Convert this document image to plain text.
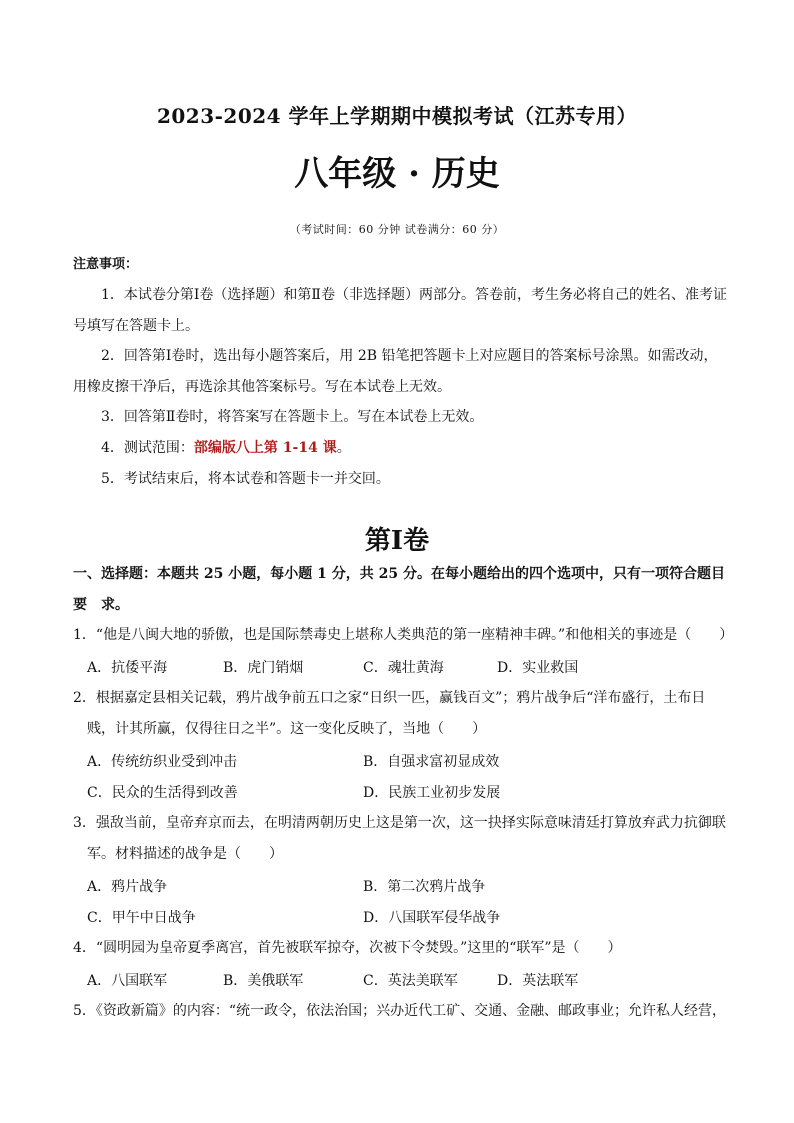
2023-2024 学年上学期期中模拟考试（江苏专用）
八年级 · 历史
（考试时间：60 分钟 试卷满分：60 分）
注意事项：
1．本试卷分第Ⅰ卷（选择题）和第Ⅱ卷（非选择题）两部分。答卷前，考生务必将自己的姓名、准考证号填写在答题卡上。
2．回答第Ⅰ卷时，选出每小题答案后，用 2B 铅笔把答题卡上对应题目的答案标号涂黑。如需改动，用橡皮擦干净后，再选涂其他答案标号。写在本试卷上无效。
3．回答第Ⅱ卷时，将答案写在答题卡上。写在本试卷上无效。
4．测试范围：部编版八上第 1-14 课。
5．考试结束后，将本试卷和答题卡一并交回。
第Ⅰ卷
一、选择题：本题共 25 小题，每小题 1 分，共 25 分。在每小题给出的四个选项中，只有一项符合题目要	求。
1．“他是八闽大地的骄傲，也是国际禁毒史上堪称人类典范的第一座精神丰碑。”和他相关的事迹是（　　）
A．抗倭平海	B．虎门销烟	C．魂壮黄海	D．实业救国
2．根据嘉定县相关记载，鸦片战争前五口之家“日织一匹，赢钱百文”；鸦片战争后“洋布盛行，土布日
贱，计其所赢，仅得往日之半”。这一变化反映了，当地（　　）
A．传统纺织业受到冲击	B．自强求富初显成效
C．民众的生活得到改善	D．民族工业初步发展
3．强敌当前，皇帝弃京而去，在明清两朝历史上这是第一次，这一抉择实际意味清廷打算放弃武力抗御联
军。材料描述的战争是（　　）
A．鸦片战争	B．第二次鸦片战争
C．甲午中日战争	D．八国联军侵华战争
4．“圆明园为皇帝夏季离宫，首先被联军掠夺，次被下令焚毁。”这里的“联军”是（　　）
A．八国联军	B．美俄联军	C．英法美联军	D．英法联军
5．《资政新篇》的内容：“统一政令，依法治国；兴办近代工矿、交通、金融、邮政事业；允许私人经营，
